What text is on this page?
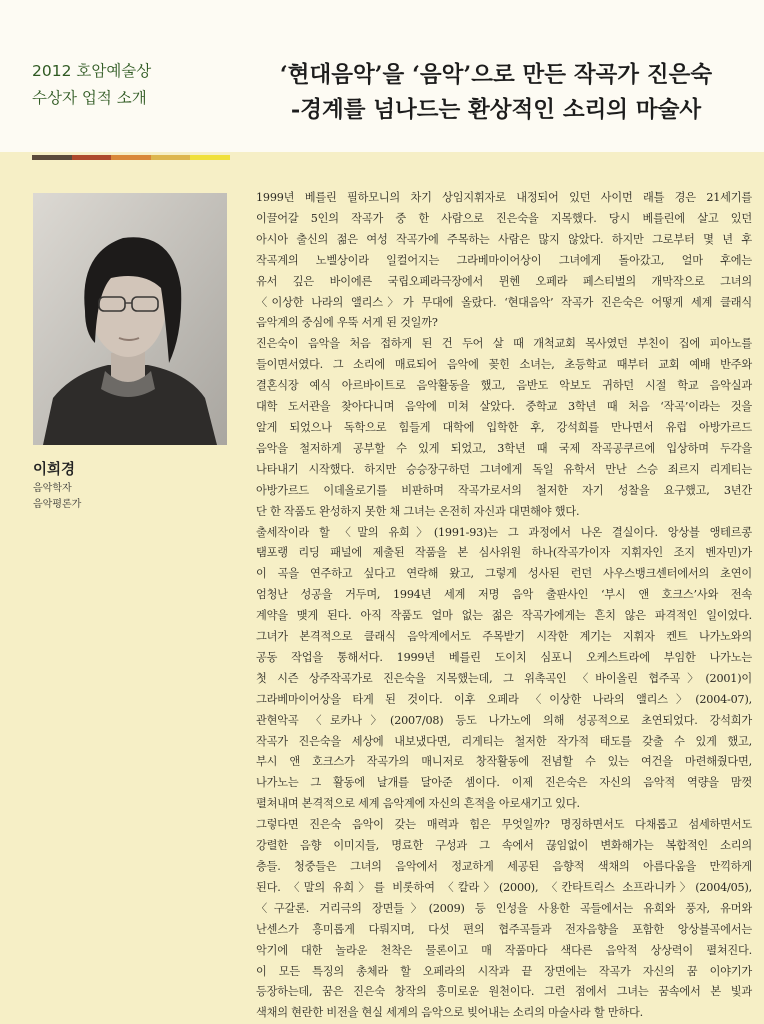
2012 호암예술상
수상자 업적 소개
‘현대음악’을 ‘음악’으로 만든 작곡가 진은숙
-경계를 넘나드는 환상적인 소리의 마술사
이희경
음악학자
음악평론가
1999년 베를린 필하모니의 차기 상임지휘자로 내정되어 있던 사이먼 래틀 경은 21세기를
이끌어갈 5인의 작곡가 중 한 사람으로 진은숙을 지목했다. 당시 베를린에 살고 있던
아시아 출신의 젊은 여성 작곡가에 주목하는 사람은 많지 않았다. 하지만 그로부터 몇 년 후
작곡계의 노벨상이라 일컬어지는 그라베마이어상이 그녀에게 돌아갔고, 얼마 후에는
유서 깊은 바이에른 국립오페라극장에서 뮌헨 오페라 페스티벌의 개막작으로 그녀의
〈이상한 나라의 앨리스〉가 무대에 올랐다. ‘현대음악’ 작곡가 진은숙은 어떻게 세계 클래식
음악계의 중심에 우뚝 서게 된 것일까?
진은숙이 음악을 처음 접하게 된 건 두어 살 때 개척교회 목사였던 부친이 집에 피아노를
들이면서였다. 그 소리에 매료되어 음악에 꽂힌 소녀는, 초등학교 때부터 교회 예배 반주와
결혼식장 예식 아르바이트로 음악활동을 했고, 음반도 악보도 귀하던 시절 학교 음악실과
대학 도서관을 찾아다니며 음악에 미쳐 살았다. 중학교 3학년 때 처음 ‘작곡’이라는 것을
알게 되었으나 독학으로 힘들게 대학에 입학한 후, 강석희를 만나면서 유럽 아방가르드
음악을 철저하게 공부할 수 있게 되었고, 3학년 때 국제 작곡공쿠르에 입상하며 두각을
나타내기 시작했다. 하지만 승승장구하던 그녀에게 독일 유학서 만난 스승 죄르지 리게티는
아방가르드 이데올로기를 비판하며 작곡가로서의 철저한 자기 성찰을 요구했고, 3년간
단 한 작품도 완성하지 못한 채 그녀는 온전히 자신과 대면해야 했다.
출세작이라 할 〈말의 유희〉(1991-93)는 그 과정에서 나온 결실이다. 앙상블 앵테르콩
탬포랭 리딩 패널에 제출된 작품을 본 심사위원 하나(작곡가이자 지휘자인 조지 벤자민)가
이 곡을 연주하고 싶다고 연락해 왔고, 그렇게 성사된 런던 사우스뱅크센터에서의 초연이
엄청난 성공을 거두며, 1994년 세계 저명 음악 출판사인 ‘부시 앤 호크스’사와 전속
계약을 맺게 된다. 아직 작품도 얼마 없는 젊은 작곡가에게는 흔치 않은 파격적인 일이었다.
그녀가 본격적으로 클래식 음악계에서도 주목받기 시작한 계기는 지휘자 켄트 나가노와의
공동 작업을 통해서다. 1999년 베를린 도이치 심포니 오케스트라에 부임한 나가노는
첫 시즌 상주작곡가로 진은숙을 지목했는데, 그 위촉곡인 〈바이올린 협주곡〉(2001)이
그라베마이어상을 타게 된 것이다. 이후 오페라 〈이상한 나라의 앨리스〉(2004-07),
관현악곡 〈로카나〉(2007/08) 등도 나가노에 의해 성공적으로 초연되었다. 강석희가
작곡가 진은숙을 세상에 내보냈다면, 리게티는 철저한 작가적 태도를 갖출 수 있게 했고,
부시 앤 호크스가 작곡가의 매니저로 창작활동에 전념할 수 있는 여건을 마련해줬다면,
나가노는 그 활동에 날개를 달아준 셈이다. 이제 진은숙은 자신의 음악적 역량을 맘껏
펼쳐내며 본격적으로 세계 음악계에 자신의 흔적을 아로새기고 있다.
그렇다면 진은숙 음악이 갖는 매력과 힘은 무엇일까? 명징하면서도 다채롭고 섬세하면서도
강렬한 음향 이미지들, 명료한 구성과 그 속에서 끊임없이 변화해가는 복합적인 소리의
층들. 청중들은 그녀의 음악에서 정교하게 세공된 음향적 색채의 아름다움을 만끽하게
된다. 〈말의 유희〉를 비롯하여 〈칼라〉(2000), 〈칸타트릭스 소프라니카〉(2004/05),
〈구갈론. 거리극의 장면들〉(2009) 등 인성을 사용한 곡들에서는 유희와 풍자, 유머와
난센스가 흥미롭게 다뤄지며, 다섯 편의 협주곡들과 전자음향을 포함한 앙상블곡에서는
악기에 대한 놀라운 천착은 물론이고 매 작품마다 색다른 음악적 상상력이 펼쳐진다.
이 모든 특징의 총체라 할 오페라의 시작과 끝 장면에는 작곡가 자신의 꿈 이야기가
등장하는데, 꿈은 진은숙 창작의 흥미로운 원천이다. 그런 점에서 그녀는 꿈속에서 본 빛과
색채의 현란한 비전을 현실 세계의 음악으로 빚어내는 소리의 마술사라 할 만하다.
